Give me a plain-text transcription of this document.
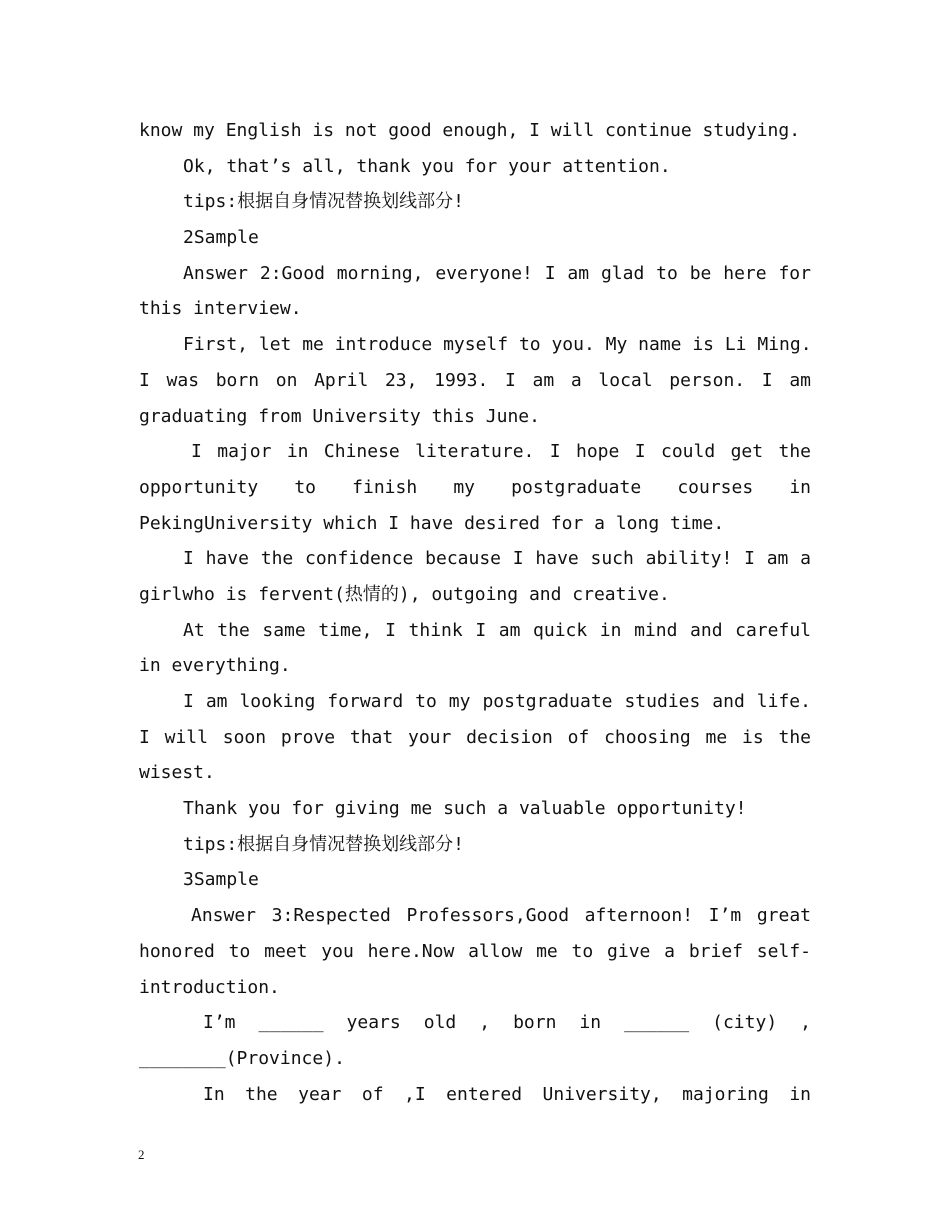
know my English is not good enough, I will continue studying.
Ok, that’s all, thank you for your attention.
tips:根据自身情况替换划线部分!
2Sample
Answer 2:Good morning, everyone! I am glad to be here for
this interview.
First, let me introduce myself to you. My name is Li Ming.
I was born on April 23, 1993. I am a local person. I am
graduating from University this June.
I major in Chinese literature. I hope I could get the
opportunity to finish my postgraduate courses in
PekingUniversity which I have desired for a long time.
I have the confidence because I have such ability! I am a
girlwho is fervent(热情的), outgoing and creative.
At the same time, I think I am quick in mind and careful
in everything.
I am looking forward to my postgraduate studies and life.
I will soon prove that your decision of choosing me is the
wisest.
Thank you for giving me such a valuable opportunity!
tips:根据自身情况替换划线部分!
3Sample
Answer 3:Respected Professors,Good afternoon! I’m great
honored to meet you here.Now allow me to give a brief self-
introduction.
I’m ______ years old , born in ______ (city) ,
________(Province).
In the year of ,I entered University, majoring in
2
